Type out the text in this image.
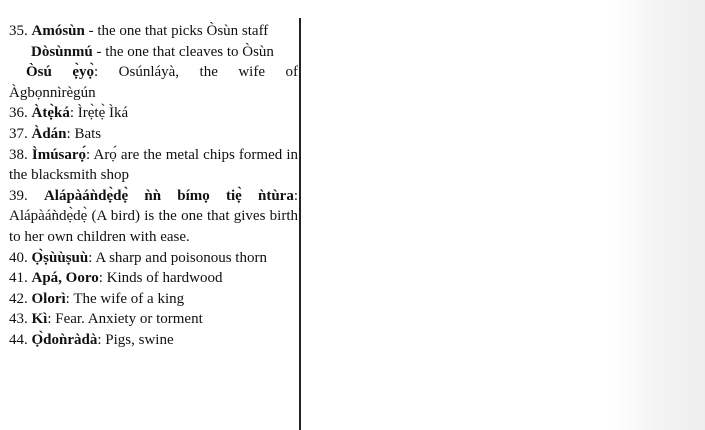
35. Amósùn - the one that picks Òsùn staff

Dòsùnmú - the one that cleaves to Òsùn

Òsú ẹ̀yọ̀: Osúnláyà, the wife of Àgbọnnìrègún

36. Àtẹ̀ká: Ìrẹ̀tẹ̀ Ìká

37. Àdán: Bats

38. Ìmúsarọ́: Arọ́ are the metal chips formed in the blacksmith shop

39. Alápàáǹdẹ̀dẹ̀ ǹǹ bímọ tiẹ̀ ǹtùra: Alápàáǹdẹ̀dẹ̀ (A bird) is the one that gives birth to her own children with ease.

40. Ọ̀ṣùùṣuù: A sharp and poisonous thorn

41. Apá, Ooro: Kinds of hardwood

42. Olorì: The wife of a king

43. Kì: Fear. Anxiety or torment

44. Ọ̀doǹràdà: Pigs, swine
